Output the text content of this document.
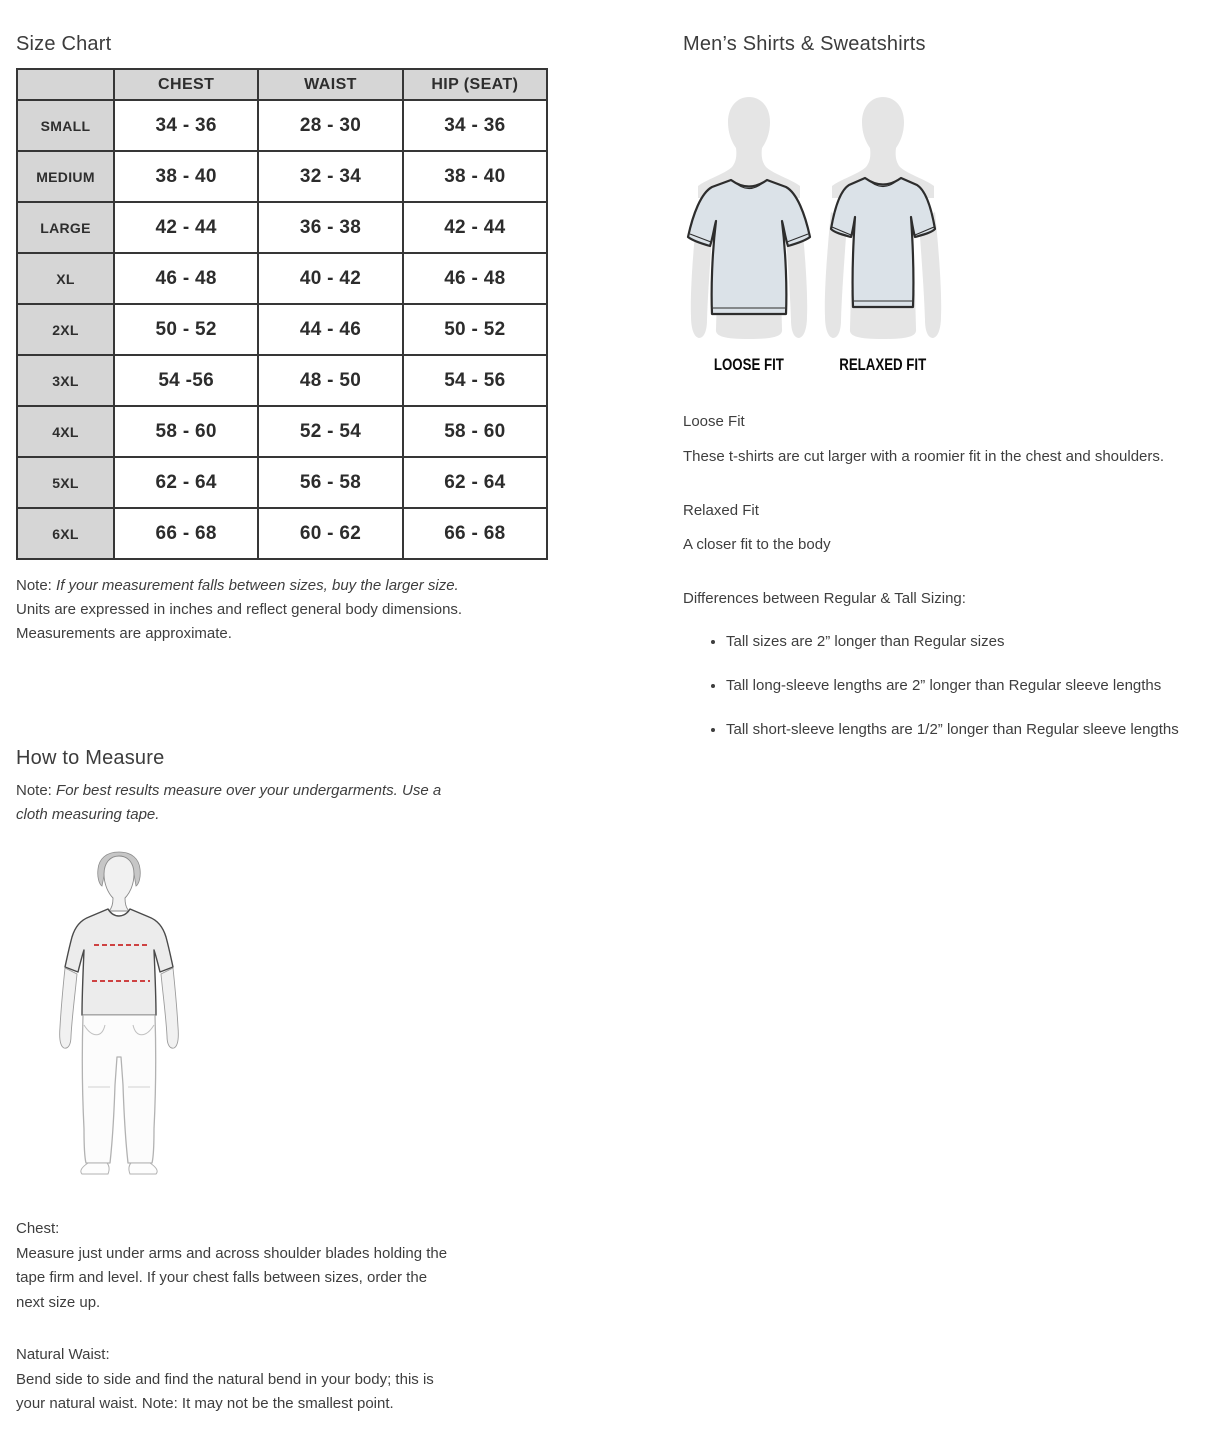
Size Chart
	CHEST	WAIST	HIP (SEAT)
SMALL	34 - 36	28 - 30	34 - 36
MEDIUM	38 - 40	32 - 34	38 - 40
LARGE	42 - 44	36 - 38	42 - 44
XL	46 - 48	40 - 42	46 - 48
2XL	50 - 52	44 - 46	50 - 52
3XL	54 -56	48 - 50	54 - 56
4XL	58 - 60	52 - 54	58 - 60
5XL	62 - 64	56 - 58	62 - 64
6XL	66 - 68	60 - 62	66 - 68
Note: If your measurement falls between sizes, buy the larger size.
Units are expressed in inches and reflect general body dimensions.
Measurements are approximate.
How to Measure
Note: For best results measure over your undergarments. Use a cloth measuring tape.
Chest:

Measure just under arms and across shoulder blades holding the tape firm and level. If your chest falls between sizes, order the next size up.

Natural Waist:

Bend side to side and find the natural bend in your body; this is your natural waist. Note: It may not be the smallest point.

Men’s Shirts & Sweatshirts
LOOSE FIT	RELAXED FIT
Loose Fit

These t-shirts are cut larger with a roomier fit in the chest and shoulders.

Relaxed Fit

A closer fit to the body

Differences between Regular & Tall Sizing:
• Tall sizes are 2” longer than Regular sizes
• Tall long-sleeve lengths are 2” longer than Regular sleeve lengths
• Tall short-sleeve lengths are 1/2” longer than Regular sleeve lengths
